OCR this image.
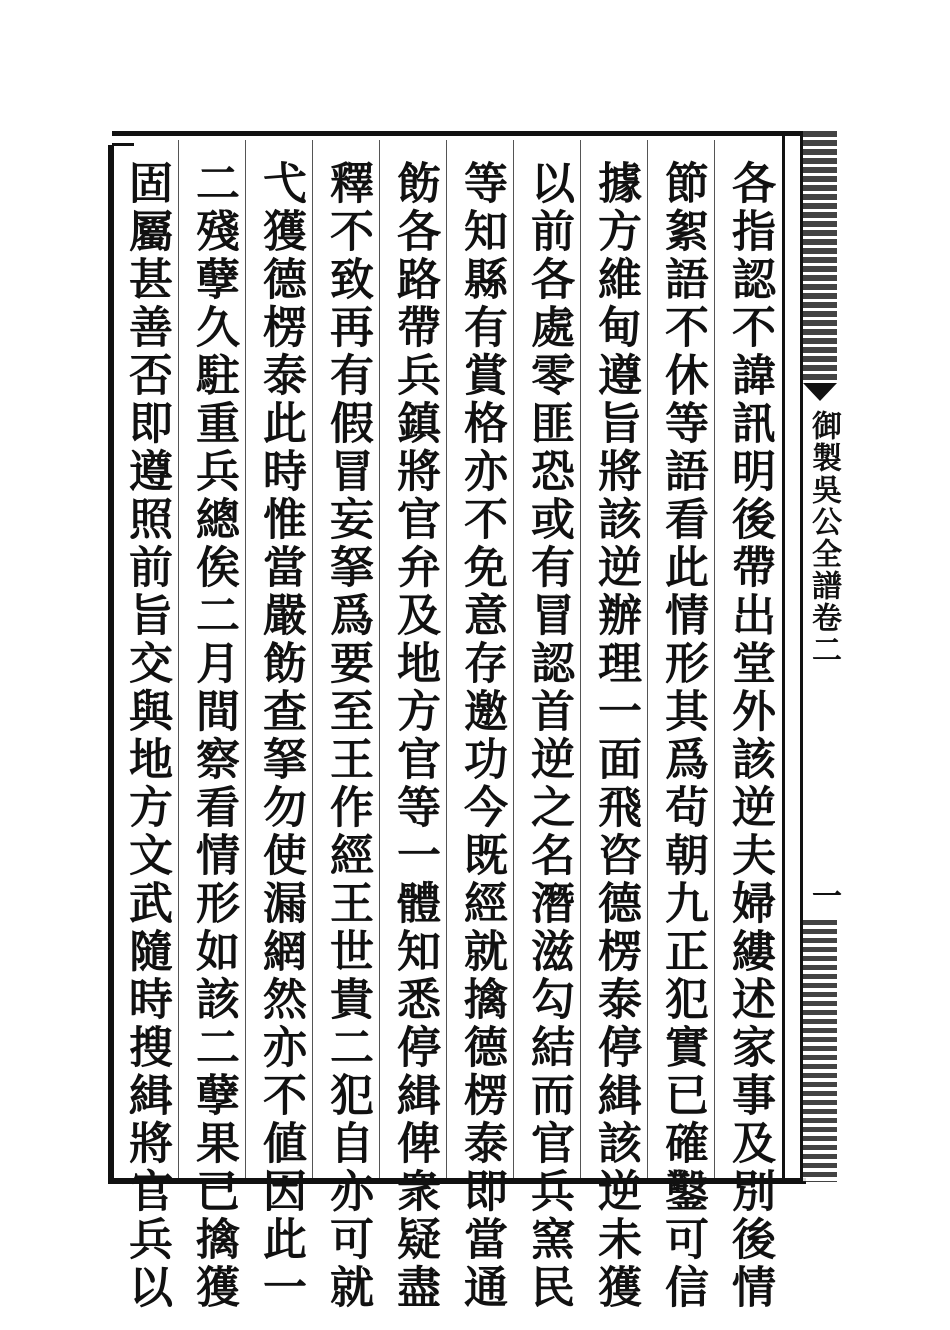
各指認不諱訊明後帶出堂外該逆夫婦縷述家事及別後情
節絮語不休等語看此情形其爲茍朝九正犯實已確鑿可信
據方維甸遵旨將該逆辦理一面飛咨德楞泰停緝該逆未獲
以前各處零匪恐或有冒認首逆之名潛滋勾結而官兵窯民
等知縣有賞格亦不免意存邀功今既經就擒德楞泰即當通
飭各路帶兵鎮將官弁及地方官等一體知悉停緝俾衆疑盡
釋不致再有假冒妄拏爲要至王作經王世貴二犯自亦可就
弋獲德楞泰此時惟當嚴飭查拏勿使漏網然亦不値因此一
二殘孽久駐重兵總俟二月間察看情形如該二孽果已擒獲
固屬甚善否即遵照前旨交與地方文武隨時搜緝將官兵以	御製吳公全譜卷二
一
